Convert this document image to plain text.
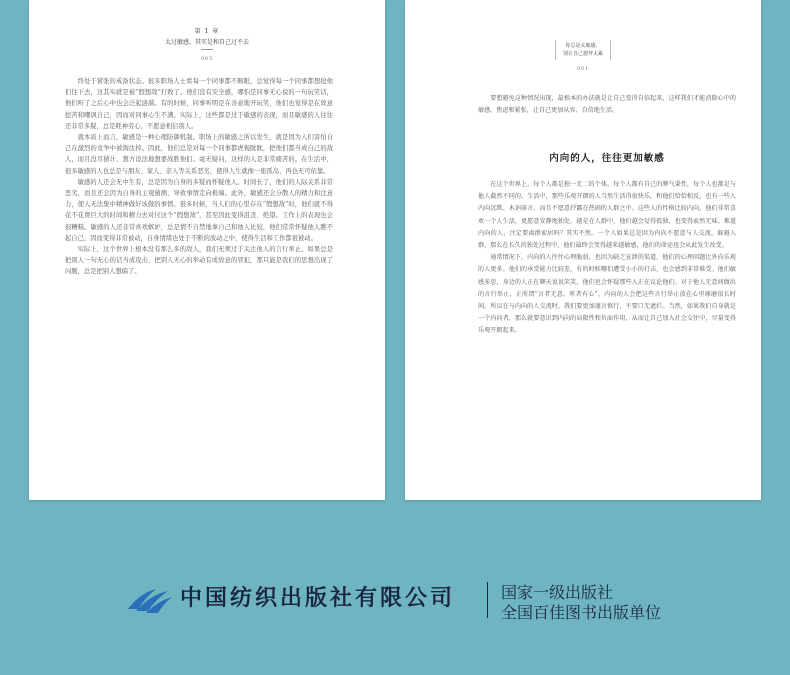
第 1 章
太过敏感，其实是和自己过不去
005

终处于紧张的戒备状态。很多职场人士看每一个同事都不顺眼，总觉得每一个同事都想抢他们往下去，这其实就是被“假想敌”打败了。他们没有安全感，哪怕是同事无心说的一句玩笑话，他们听了之后心中也会泛起涟漪。有的时候，同事听明是在善意地开玩笑，他们也觉得是在故意挖苦和嘲讽自己，因而对同事心生不满。实际上，这些都是过于敏感的表现，而且敏感的人往往还非常多疑，总是耗神劳心，不愿意相信别人。

就本质上而言，敏感是一种心理防御机制。职场上的敏感之所以发生，就是因为人们害怕自己在激烈的竞争中被淘汰掉。因此，他们总是对每一个同事都虎视眈眈，把他们都当成自己的敌人，而且没尽猜计、想方设法地想要战胜他们。毫无疑问，这样的人是非常痛苦的。在生活中，很多敏感的人也总是与朋友、家人、亲人等关系恶劣，使得人生就像一座孤岛，再也无可依靠。

敏感的人还会无中生有，总是因为自身的多疑而怀疑他人。时间长了，他们的人际关系非常恶劣，而且还会因为自身的主观猜测，导致事情走向极端。此外，敏感还会分散人的精力和注意力，使人无法集中精神做好该做的事情。很多时候，当人们的心里存在“假想敌”时，他们就不得花不花费巨大的时间和精力去对付这个“假想敌”，甚至因此变得沮丧、绝望。工作上的表现也会很糟糕。敏感的人还非常喜欢嫉妒，总是情不自禁地拿自己和他人比较，他们常常怀疑他人瞧不起自己，因而变得非常被动，自身情绪也处于不断的波动之中，使得生活和工作都很被动。

实际上，这个世界上根本没有那么多的敌人，我们无须过于关注他人的言行举止。如果总是把别人一句无心的话当成攻击，把别人无心的举动有或故意的冒犯，那只能是我们的思想出现了问题，总是把别人想偏了。

你总是太敏感，
别让自己德拜太累
001

要想避免这种情况出现，最根本的办法就是让自己变得自信起来，这样我们才能消除心中的敏感、焦虑和紧张，让自己更加从容、自信地生活。

内向的人，往往更加敏感

在这个世界上，每个人都是独一无二的个体，每个人都有自己的脾气秉性，每个人也都是与他人截然不同的。生活中，那些乐观开朗的人当然生活得很快乐，和他们恰恰相反，也有一些人内向沉默、木讷寡言，而且不愿意抒露在热闹的人群之中。这些人的性格比较内向，他们非常喜欢一个人生活，更愿意安静地独处，越是在人群中，他们越会觉得孤独，也变得索然无味。难道内向的人，注定要离群索居吗？其实不然。一个人如果总是因为内向不愿意与人交流，躲避人群，那么在长久的独处过程中，他们最终会变得越来越敏感，他们的命运也会从此发生改变。

通常情况下，内向的人往往心理脆弱，也因为缺乏宣泄的渠道，他们的心理问题比外向乐观的人更多。他们的承受能力比较差，有的时候哪怕遭受小小的打击，也会感到非常难受。他们敏感多思，身边的人正在聊天说说笑笑，他们也会怀疑那些人正在议论他们。对于他人无意间做出的言行举止，正所谓“言者无意，听者有心”，内向的人会把这些言行举止放在心里琢磨很长时间。所以在与内向的人交流时，我们要更加谨言慎行，不要口无遮拦。当然，如果我们自身就是一个内向者，那么就要意识到内向的局限性和负面作用，从而让自己加入社会交往中，尽量变得乐观开朗起来。

中国纺织出版社有限公司	国家一级出版社
全国百佳图书出版单位
